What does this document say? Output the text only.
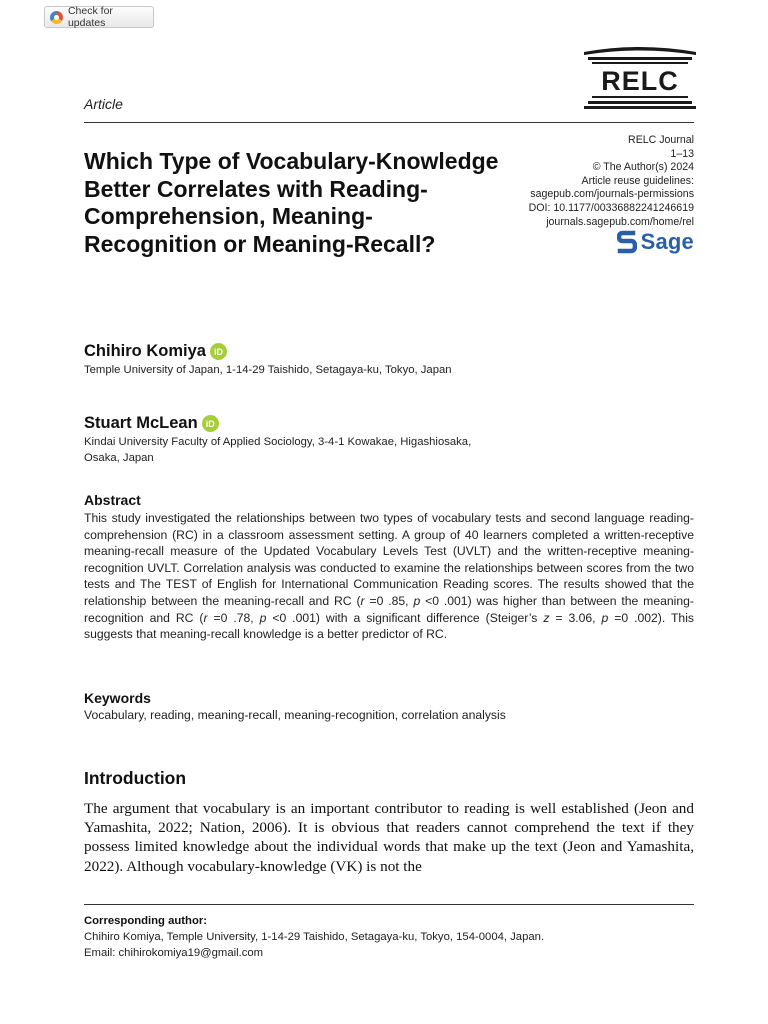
Check for updates
Article
RELC
RELC Journal
1–13
© The Author(s) 2024
Article reuse guidelines:
sagepub.com/journals-permissions
DOI: 10.1177/00336882241246619
journals.sagepub.com/home/rel
Sage
Which Type of Vocabulary-Knowledge Better Correlates with Reading-Comprehension, Meaning-Recognition or Meaning-Recall?
Chihiro Komiya iD
Temple University of Japan, 1-14-29 Taishido, Setagaya-ku, Tokyo, Japan
Stuart McLean iD
Kindai University Faculty of Applied Sociology, 3-4-1 Kowakae, Higashiosaka, Osaka, Japan
Abstract
This study investigated the relationships between two types of vocabulary tests and second language reading-comprehension (RC) in a classroom assessment setting. A group of 40 learners completed a written-receptive meaning-recall measure of the Updated Vocabulary Levels Test (UVLT) and the written-receptive meaning-recognition UVLT. Correlation analysis was conducted to examine the relationships between scores from the two tests and The TEST of English for International Communication Reading scores. The results showed that the relationship between the meaning-recall and RC (r =0 .85, p <0 .001) was higher than between the meaning-recognition and RC (r =0 .78, p <0 .001) with a significant difference (Steiger’s z = 3.06, p =0 .002). This suggests that meaning-recall knowledge is a better predictor of RC.
Keywords
Vocabulary, reading, meaning-recall, meaning-recognition, correlation analysis
Introduction
The argument that vocabulary is an important contributor to reading is well established (Jeon and Yamashita, 2022; Nation, 2006). It is obvious that readers cannot comprehend the text if they possess limited knowledge about the individual words that make up the text (Jeon and Yamashita, 2022). Although vocabulary-knowledge (VK) is not the
Corresponding author:
Chihiro Komiya, Temple University, 1-14-29 Taishido, Setagaya-ku, Tokyo, 154-0004, Japan.
Email: chihirokomiya19@gmail.com
